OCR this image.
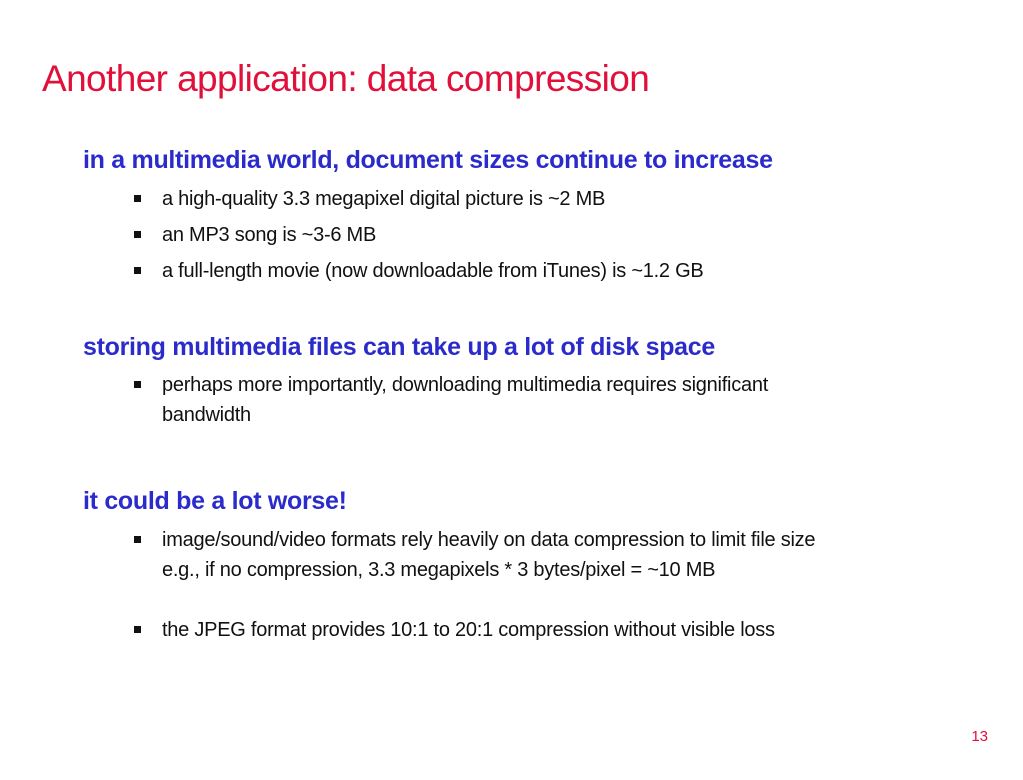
Another application: data compression
in a multimedia world, document sizes continue to increase
a high-quality 3.3 megapixel digital picture is ~2 MB
an MP3 song is ~3-6 MB
a full-length movie (now downloadable from iTunes) is ~1.2 GB
storing multimedia files can take up a lot of disk space
perhaps more importantly, downloading multimedia requires significant
bandwidth
it could be a lot worse!
image/sound/video formats rely heavily on data compression to limit file size
e.g., if no compression, 3.3 megapixels * 3 bytes/pixel = ~10 MB
the JPEG format provides 10:1 to 20:1 compression without visible loss
13
